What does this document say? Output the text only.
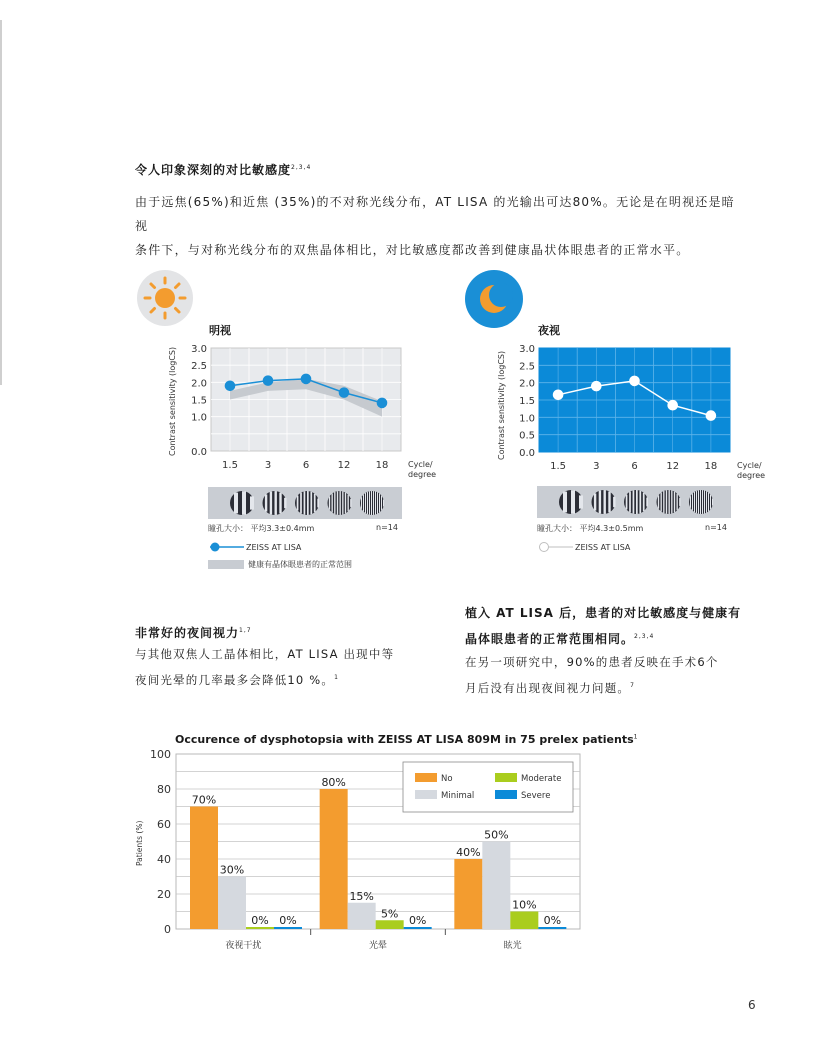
令人印象深刻的对比敏感度$^{2,3,4}$
由于远焦(65%)和近焦 (35%)的不对称光线分布，AT LISA 的光输出可达80%。无论是在明视还是暗视
条件下，与对称光线分布的双焦晶体相比，对比敏感度都改善到健康晶状体眼患者的正常水平。
明视
Contrast sensitivity (logCS) 3.0
2.5
2.0
1.5
1.0
0.0
1.5	3	6	12	18 Cycle/
degree
瞳孔大小： 平均3.3±0.4mm	n=14
ZEISS AT LISA
健康有晶体眼患者的正常范围
夜视
Contrast sensitivity (logCS)
3.0
2.5
2.0
1.5
1.0
0.5
0.0
1.5	3	6	12	18 Cycle/
degree
瞳孔大小： 平均4.3±0.5mm	n=14
ZEISS AT LISA
非常好的夜间视力$^{1,7}$
与其他双焦人工晶体相比，AT LISA 出现中等
夜间光晕的几率最多会降低10 %。$^1$
植入 AT LISA 后，患者的对比敏感度与健康有
晶体眼患者的正常范围相同。$^{2,3,4}$
在另一项研究中，90%的患者反映在手术6个
月后没有出现夜间视力问题。$^7$
Occurence of dysphotopsia with ZEISS AT LISA 809M in 75 prelex patients$^1$
Patients (%)
100
80
60
40
20
0
70%
30%
0% 0%
夜视干扰
80%
15%
5%
0%
光晕
40%
50%
10%
0%
眩光
No	Moderate
Minimal	Severe
6
